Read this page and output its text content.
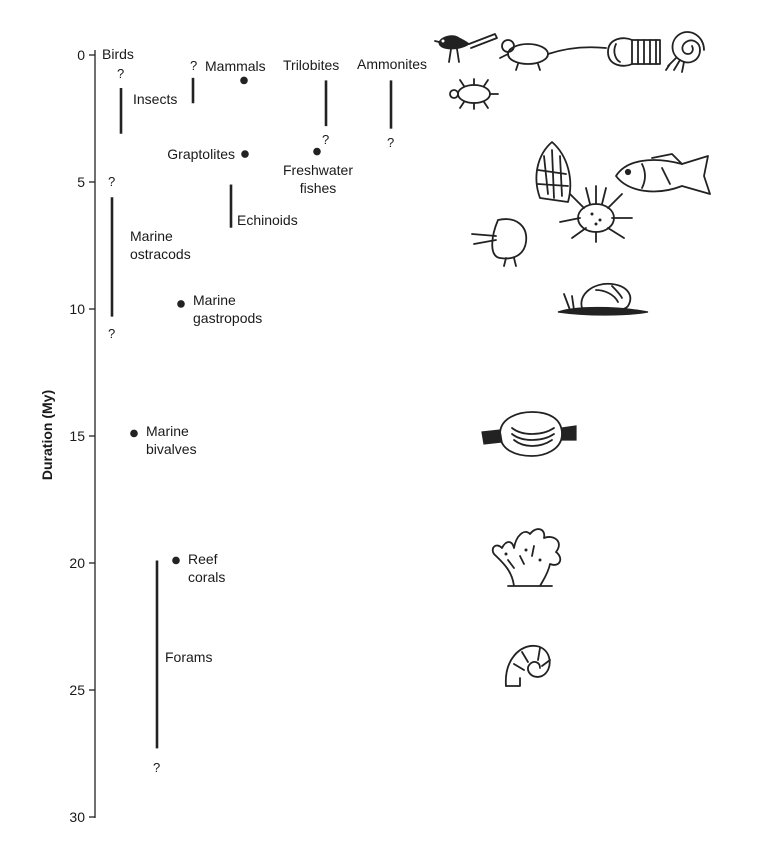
Duration (My)
0
5
10
15
20
25
30
?
Birds
?
Insects
Mammals
?
Trilobites
?
Ammonites
Graptolites
Freshwater fishes
Echinoids
?
?
Marine ostracods
Marine gastropods
Marine bivalves
Reef corals
?
Forams
